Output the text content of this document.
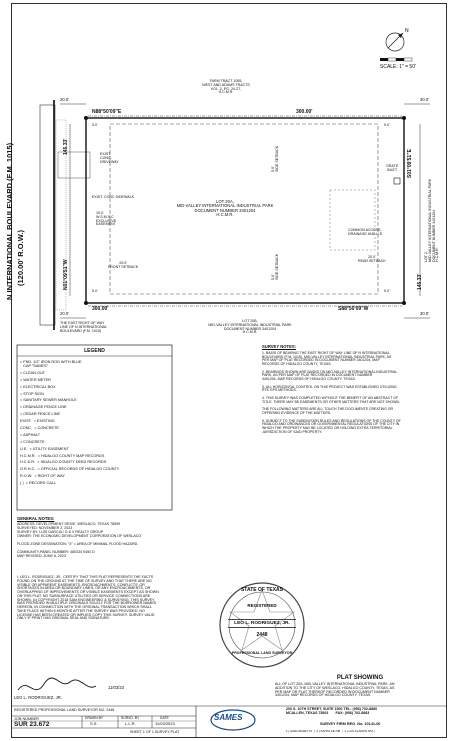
N
SCALE: 1" = 50'
N INTERNATIONAL BOULEVARD (F.M. 1015) (120.00' R.O.W.)
FARM TRACT 1055,
WEST AND ADAMS TRACTS
VOL. 2, PG. 24-27,
H.C.M.R.
N88°50'09"E	300.00'
S88°50'09"W
300.00'
N01°09'51"W
S01°09'51"E
145.33'
145.33'
20.0'
20.0'
30.0'
30.0'
5.0'	5.0'
5.0'	5.0'
LOT 20A,
MID-VALLEY INTERNATIONAL INDUSTRIAL PARK
DOCUMENT NUMBER 3401204
H.C.M.R.
EXIST.
CONC.
DRIVEWAY
EXIST. CONC SIDEWALK
15.0'
W.S.M.S.C.
EXCLUSIVE
EASEMENT
20.0'
FRONT SETBACK
5.0'
SIDE SETBACK
5.0'
SIDE SETBACK	20.0'
REAR SETBACK
GRATE
INLET
COMMON ACCESS,
DRAINAGE AND U.E.
LOT 2,
MID-VALLEY INTERNATIONAL INDUSTRIAL PARK
DOCUMENT NUMBER 3401204
H.C.M.R.
LOT 20B,
MID-VALLEY INTERNATIONAL INDUSTRIAL PARK
DOCUMENT NUMBER 3401204
H.C.M.R.
THE EAST RIGHT OF WAY
LINE OF N INTERNATIONAL
BOULEVARD (F.M. 1015)
LEGEND
= FND. 1/2" IRON ROD WITH BLUE
CAP "SAMES"
= CLEAN OUT
= WATER METER
= ELECTRICAL BOX
= STOP SIGN
= SANITARY SEWER MANHOLE
= DRAINAGE FENCE LINE
= CEDAR FENCE LINE
EXIST.  = EXISTING
CONC.  = CONCRETE
= ASPHALT
= CONCRETE
U.E.  = UTILITY EASEMENT
H.C.M.R.  = HIDALGO COUNTY MAP RECORDS
H.C.D.R.  = HIDALGO COUNTY DEED RECORDS
O.R.H.C.  = OFFICIAL RECORDS OF HIDALGO COUNTY
R.O.W.  = RIGHT OF WAY
( )  = RECORD CALL
SURVEY NOTES:
1. BASIS OF BEARING THE EAST RIGHT OF WAY LINE OF N INTERNATIONAL
BOULEVARD (F.M. 1015), MID-VALLEY INTERNATIONAL INDUSTRIAL PARK, AS
PER MAP OF PLAT RECORDED IN DOCUMENT NUMBER 3401204, MAP
RECORDS OF HIDALGO COUNTY, TEXAS
2. BEARINGS SHOWN ARE BASED ON MID-VALLEY INTERNATIONAL INDUSTRIAL
PARK, AS PER MAP OF PLAT RECORDED IN DOCUMENT NUMBER
3401204, MAP RECORDS OF HIDALGO COUNTY, TEXAS.
3. ALL HORIZONTAL CONTROL ON THIS PROJECT WAS ESTABLISHED UTILIZING
RTK GPS METHODS.
4. THIS SURVEY WAS COMPLETED WITHOUT THE BENEFIT OF AN ABSTRACT OF
TITLE. THERE MAY BE EASEMENTS OR OTHER MATTERS THAT ARE NOT SHOWN.
THE FOLLOWING MATTERS ARE ALL TOUCH THE DOCUMENTS CREATING OR
OFFERING EVIDENCE OF THE MATTERS:
5. SUBJECT TO THE SUBDIVISION RULES AND REGULATIONS OF THE COUNTY OF
HIDALGO AND ORDINANCES OR GOVERNMENTAL REGULATIONS OF THE CITY IN
WHICH THE PROPERTY MAY BE LOCATED OR HOLDING EXTRA TERRITORIAL
JURISDICTION OF SAID PROPERTY.
GENERAL NOTES:
ADDRESS: DEVELOPMENT DRIVE, WESLACO, TEXAS 78599
SURVEYED: NOVEMBER 2, 2023
SURVEY BY: LUIS GARCIA / G & V REALTY GROUP
OWNER: THE ECONOMIC DEVELOPMENT CORPORATION OF WESLACO
FLOOD ZONE DESIGNATION: "X" = AREA OF MINIMAL FLOOD HAZARD.
COMMUNITY-PANEL NUMBER: 480334 0450 D
MAP REVISED: JUNE 6, 2023
I, LEO L. RODRIGUEZ, JR., CERTIFY THAT THIS PLAT REPRESENTS THE FACTS
FOUND ON THE GROUND AT THE TIME OF SURVEY AND THAT THERE ARE NO
VISIBLE OR APPARENT EASEMENTS, ENCROACHMENTS, CONFLICTS, OR
SHORTAGES IN AREA OR BOUNDARY LINES, OR ANY ENCROACHMENTS, OR
OVERLAPPING OF IMPROVEMENTS OR VISIBLE EASEMENTS EXCEPT AS SHOWN
ON THIS PLAT. NO SUBSURFACE UTILITIES OR SERVICE CONNECTIONS ARE
SHOWN. (c) COPYRIGHT 2018 SAM ENGINEERING & SURVEYING. THIS SURVEY
WAS PROVIDED IN MULTIPLE ORIGINALS SOLELY FOR THE BORROWER NAMED
HEREON, IN CONNECTION WITH THE ORIGINAL TRANSACTION WHICH SHALL
TAKE PLACE WITHIN 6 MONTHS AFTER THE SURVEY WAS PROVIDED. NO
LICENSE HAS BEEN CREATED OR IMPLIED COPY THIS SURVEY. SURVEY VALID
ONLY IF PRINT HAS ORIGINAL SEAL AND SIGNATURE.
STATE OF TEXAS
REGISTERED
LEO L. RODRIGUEZ, JR.
2448
PROFESSIONAL LAND SURVEYOR
PLAT SHOWING
ALL OF LOT 20A, MID-VALLEY INTERNATIONAL INDUSTRIAL PARK, AN
ADDITION TO THE CITY OF WESLACO, HIDALGO COUNTY, TEXAS, AS
PER MAP OR PLAT THEREOF RECORDED IN DOCUMENT NUMBER
3401204, MAP RECORDS OF HIDALGO COUNTY, TEXAS.
11/03/23
LEO L. RODRIGUEZ, JR.
REGISTERED PROFESSIONAL LAND SURVEYOR NO. 2448
JOB NUMBER
SUR 23.672
DRAWN BY
S.S.
SURVD. BY
L.L.R.
DATE
11/03/2023
SHEET 1 OF 1 SURVEY PLAT
SAMES
200 S. 10TH STREET, SUITE 1500 TEL: (956) 702-8880
MCALLEN, TEXAS 78501       FAX: (956) 702-8883
SURVEY FIRM REG. No. 10141-00
1 | HARLINGEN TX  |  2 | SANTA FE NM  |  1 | LAS ALAMOS NM. |
